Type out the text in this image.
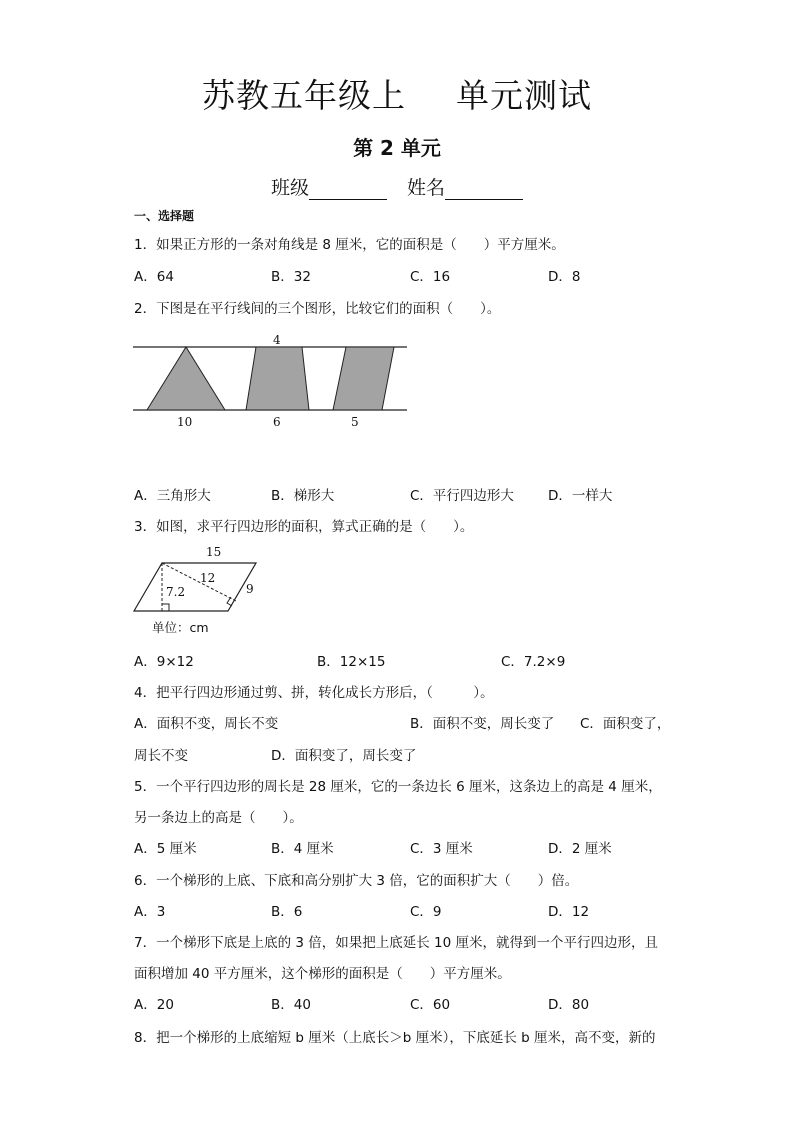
苏教五年级上 单元测试
第 2 单元
班级	姓名
一、选择题
1．如果正方形的一条对角线是 8 厘米，它的面积是（　　）平方厘米。
A．64	B．32	C．16	D．8
2．下图是在平行线间的三个图形，比较它们的面积（　　）。
4
10	6	5
A．三角形大	B．梯形大	C．平行四边形大	D．一样大
3．如图，求平行四边形的面积，算式正确的是（　　）。
15
12
7.2	9
单位：cm
A．9×12	B．12×15	C．7.2×9
4．把平行四边形通过剪、拼，转化成长方形后，（　　　）。
A．面积不变，周长不变	B．面积不变，周长变了 C．面积变了，
周长不变	D．面积变了，周长变了
5．一个平行四边形的周长是 28 厘米，它的一条边长 6 厘米，这条边上的高是 4 厘米，
另一条边上的高是（　　）。
A．5 厘米	B．4 厘米	C．3 厘米	D．2 厘米
6．一个梯形的上底、下底和高分别扩大 3 倍，它的面积扩大（　　）倍。
A．3	B．6	C．9	D．12
7．一个梯形下底是上底的 3 倍，如果把上底延长 10 厘米，就得到一个平行四边形，且
面积增加 40 平方厘米，这个梯形的面积是（　　）平方厘米。
A．20	B．40	C．60	D．80
8．把一个梯形的上底缩短 b 厘米（上底长＞b 厘米），下底延长 b 厘米，高不变，新的
